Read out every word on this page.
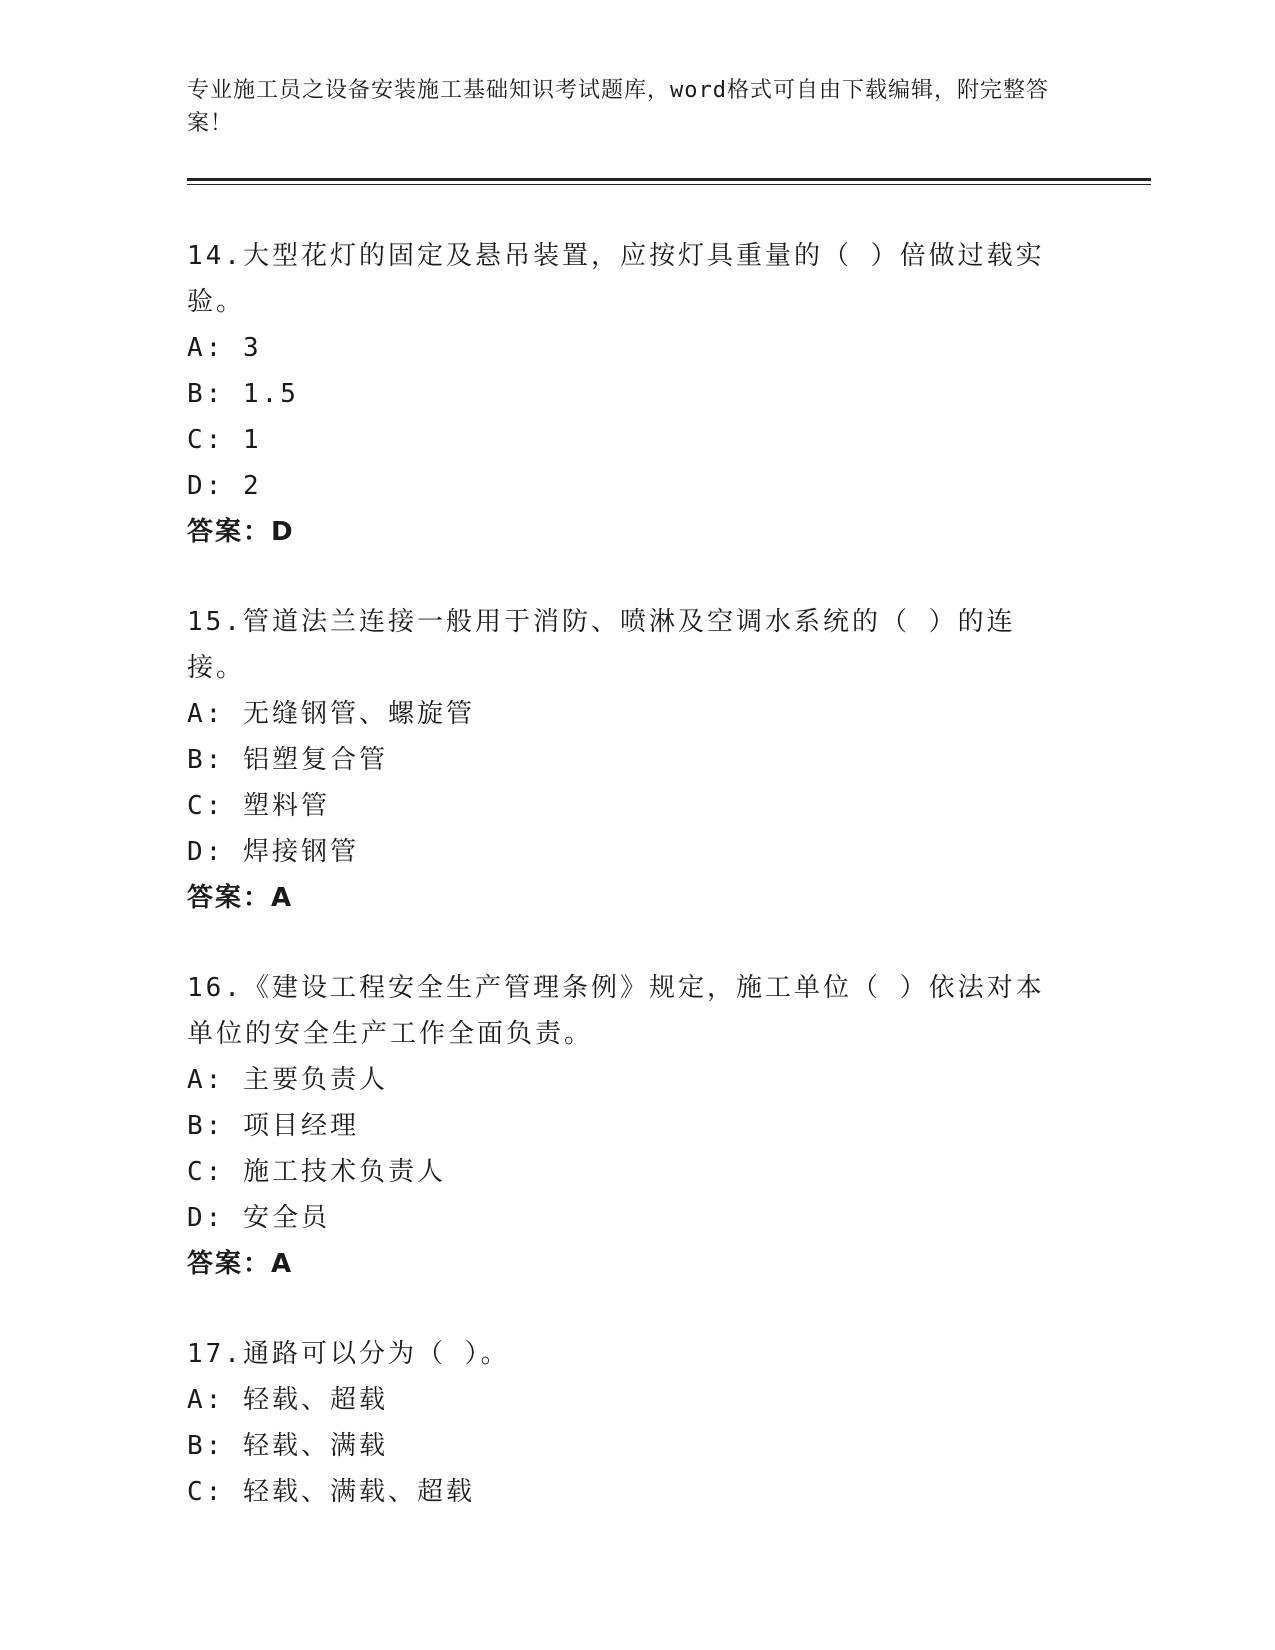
专业施工员之设备安装施工基础知识考试题库，word格式可自由下载编辑，附完整答案！
14.大型花灯的固定及悬吊装置，应按灯具重量的（ ）倍做过载实验。
A: 3
B: 1.5
C: 1
D: 2
答案：D
15.管道法兰连接一般用于消防、喷淋及空调水系统的（ ）的连接。
A: 无缝钢管、螺旋管
B: 铝塑复合管
C: 塑料管
D: 焊接钢管
答案：A
16.《建设工程安全生产管理条例》规定，施工单位（ ）依法对本单位的安全生产工作全面负责。
A: 主要负责人
B: 项目经理
C: 施工技术负责人
D: 安全员
答案：A
17.通路可以分为（ ）。
A: 轻载、超载
B: 轻载、满载
C: 轻载、满载、超载
